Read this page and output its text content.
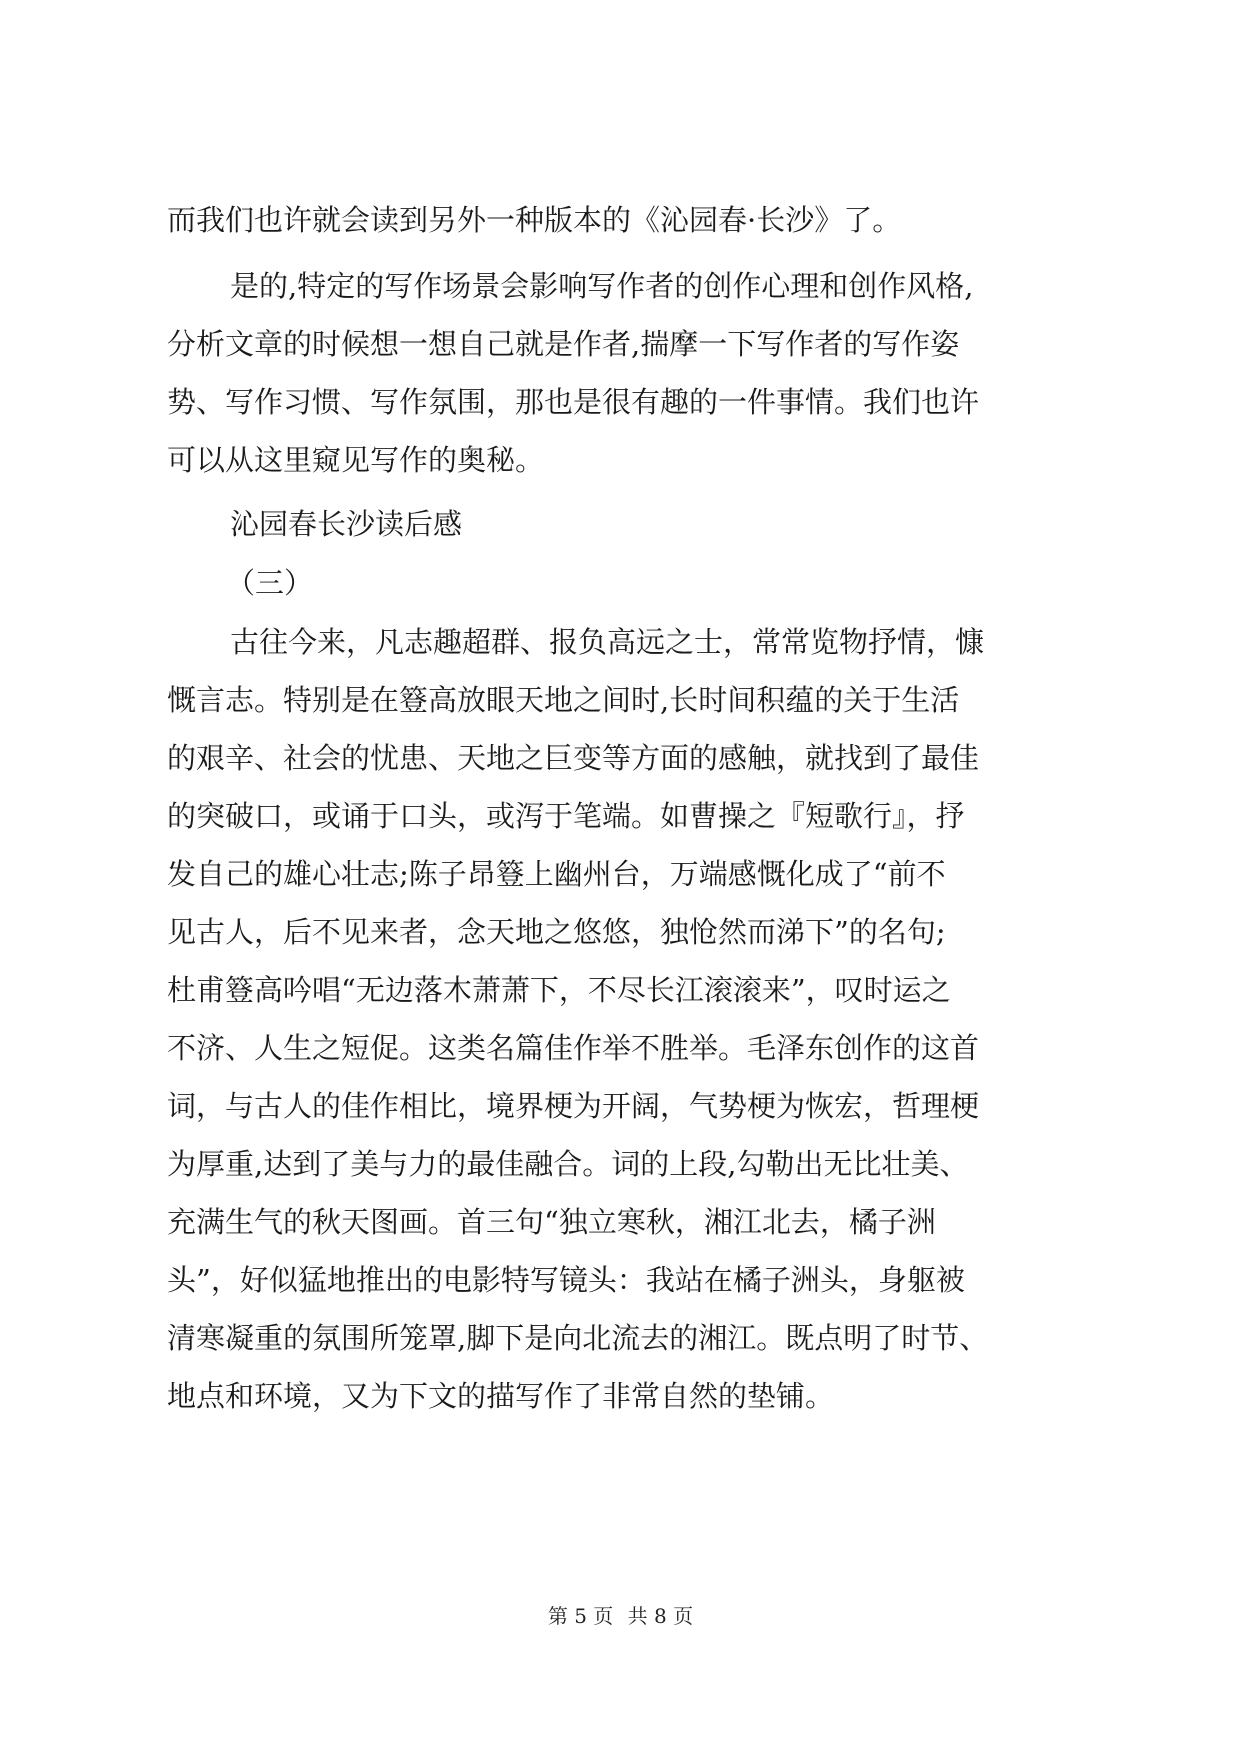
而我们也许就会读到另外一种版本的《沁园春·长沙》了。
是的,特定的写作场景会影响写作者的创作心理和创作风格,
分析文章的时候想一想自己就是作者,揣摩一下写作者的写作姿
势、写作习惯、写作氛围，那也是很有趣的一件事情。我们也许
可以从这里窥见写作的奥秘。
沁园春长沙读后感
（三）
古往今来，凡志趣超群、报负高远之士，常常览物抒情，慷
慨言志。特别是在簦高放眼天地之间时,长时间积蕴的关于生活
的艰辛、社会的忧患、天地之巨变等方面的感触，就找到了最佳
的突破口，或诵于口头，或泻于笔端。如曹操之『短歌行』，抒
发自己的雄心壮志;陈子昂簦上幽州台，万端感慨化成了“前不
见古人，后不见来者，念天地之悠悠，独怆然而涕下”的名句;
杜甫簦高吟唱“无边落木萧萧下，不尽长江滚滚来”，叹时运之
不济、人生之短促。这类名篇佳作举不胜举。毛泽东创作的这首
词，与古人的佳作相比，境界梗为开阔，气势梗为恢宏，哲理梗
为厚重,达到了美与力的最佳融合。词的上段,勾勒出无比壮美、
充满生气的秋天图画。首三句“独立寒秋，湘江北去，橘子洲
头”，好似猛地推出的电影特写镜头：我站在橘子洲头，身躯被
清寒凝重的氛围所笼罩,脚下是向北流去的湘江。既点明了时节、
地点和环境，又为下文的描写作了非常自然的垫铺。
第 5 页 共 8 页
